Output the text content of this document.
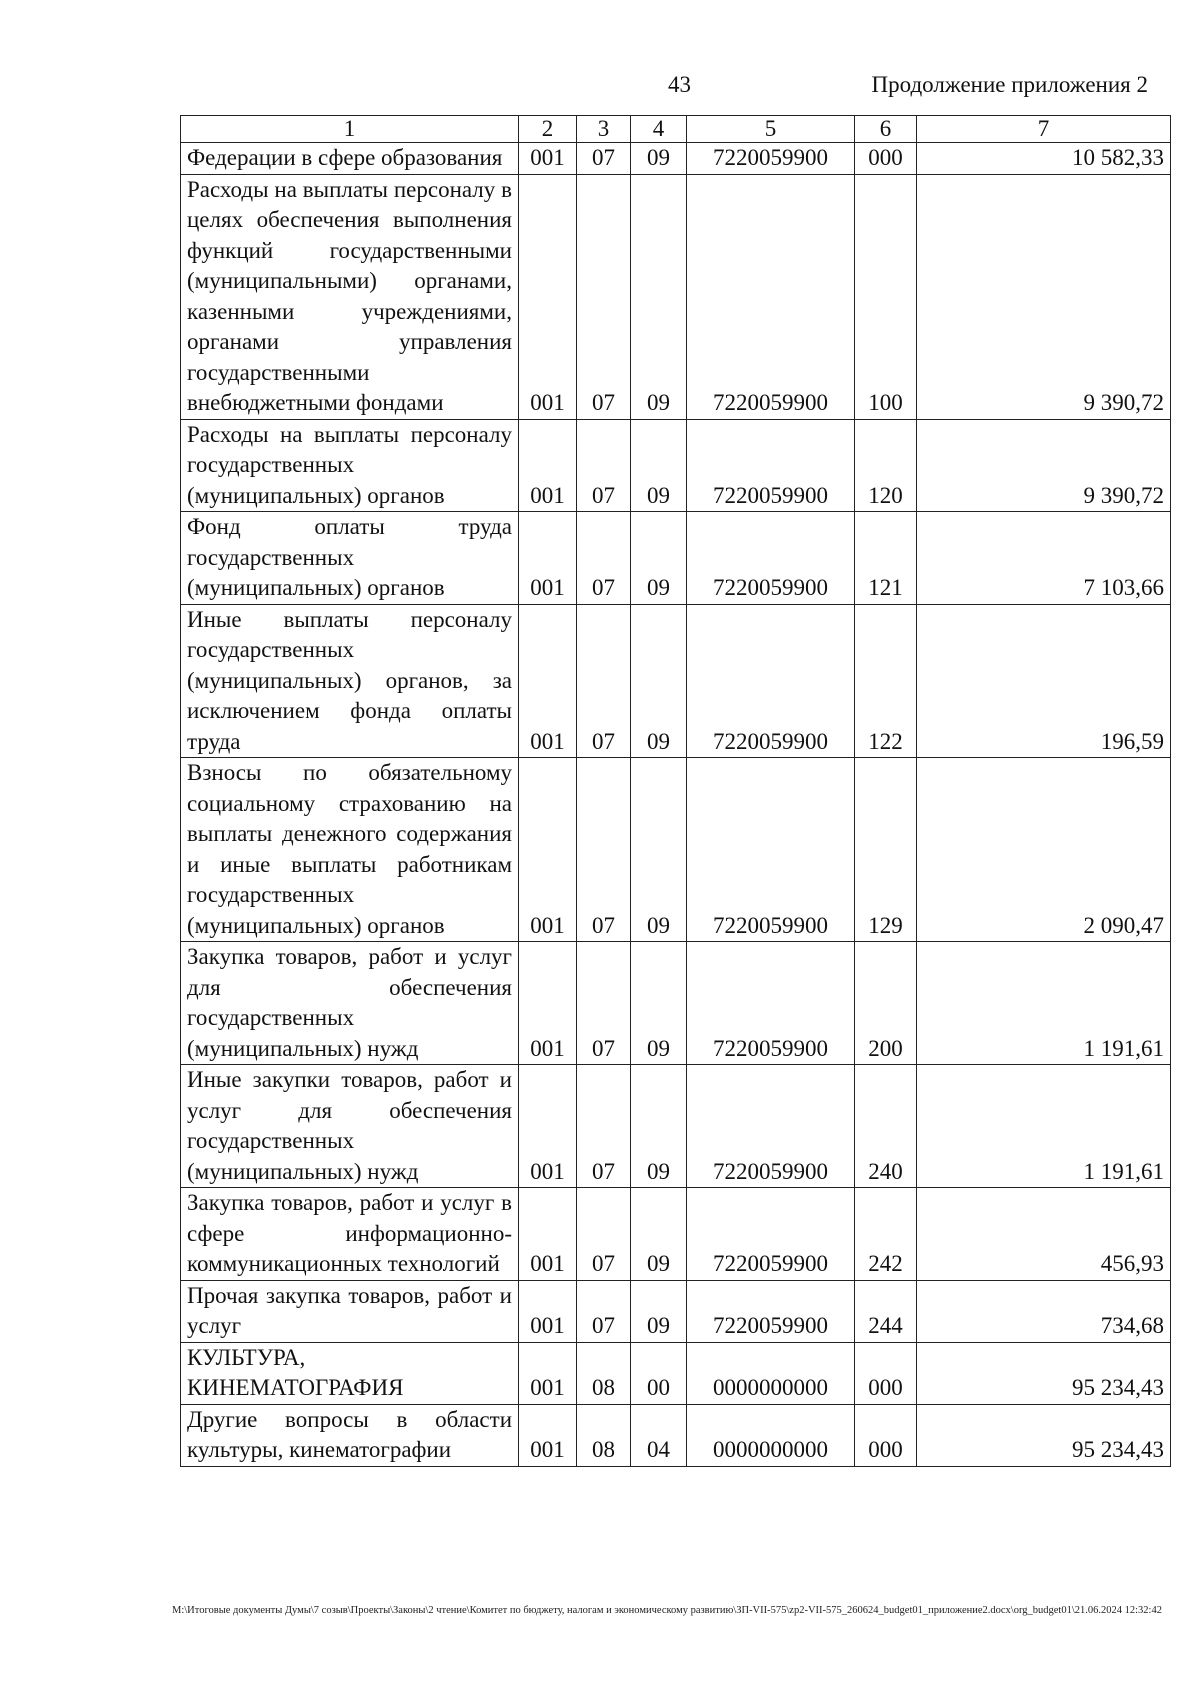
43	Продолжение приложения 2
1	2	3	4	5	6	7
Федерации в сфере образования	001	07	09	7220059900	000	10 582,33
Расходы на выплаты персоналу в целях обеспечения выполнения функций государственными (муниципальными) органами, казенными учреждениями, органами управления государственными внебюджетными фондами	001	07	09	7220059900	100	9 390,72
Расходы на выплаты персоналу государственных (муниципальных) органов	001	07	09	7220059900	120	9 390,72
Фонд оплаты труда государственных (муниципальных) органов	001	07	09	7220059900	121	7 103,66
Иные выплаты персоналу государственных (муниципальных) органов, за исключением фонда оплаты труда	001	07	09	7220059900	122	196,59
Взносы по обязательному социальному страхованию на выплаты денежного содержания и иные выплаты работникам государственных (муниципальных) органов	001	07	09	7220059900	129	2 090,47
Закупка товаров, работ и услуг для обеспечения государственных (муниципальных) нужд	001	07	09	7220059900	200	1 191,61
Иные закупки товаров, работ и услуг для обеспечения государственных (муниципальных) нужд	001	07	09	7220059900	240	1 191,61
Закупка товаров, работ и услуг в сфере информационно-коммуникационных технологий	001	07	09	7220059900	242	456,93
Прочая закупка товаров, работ и услуг	001	07	09	7220059900	244	734,68
КУЛЬТУРА, КИНЕМАТОГРАФИЯ	001	08	00	0000000000	000	95 234,43
Другие вопросы в области культуры, кинематографии	001	08	04	0000000000	000	95 234,43
M:\Итоговые документы Думы\7 созыв\Проекты\Законы\2 чтение\Комитет по бюджету, налогам и экономическому развитию\ЗП-VII-575\zp2-VII-575_260624_budget01_приложение2.docx\org_budget01\21.06.2024 12:32:42
